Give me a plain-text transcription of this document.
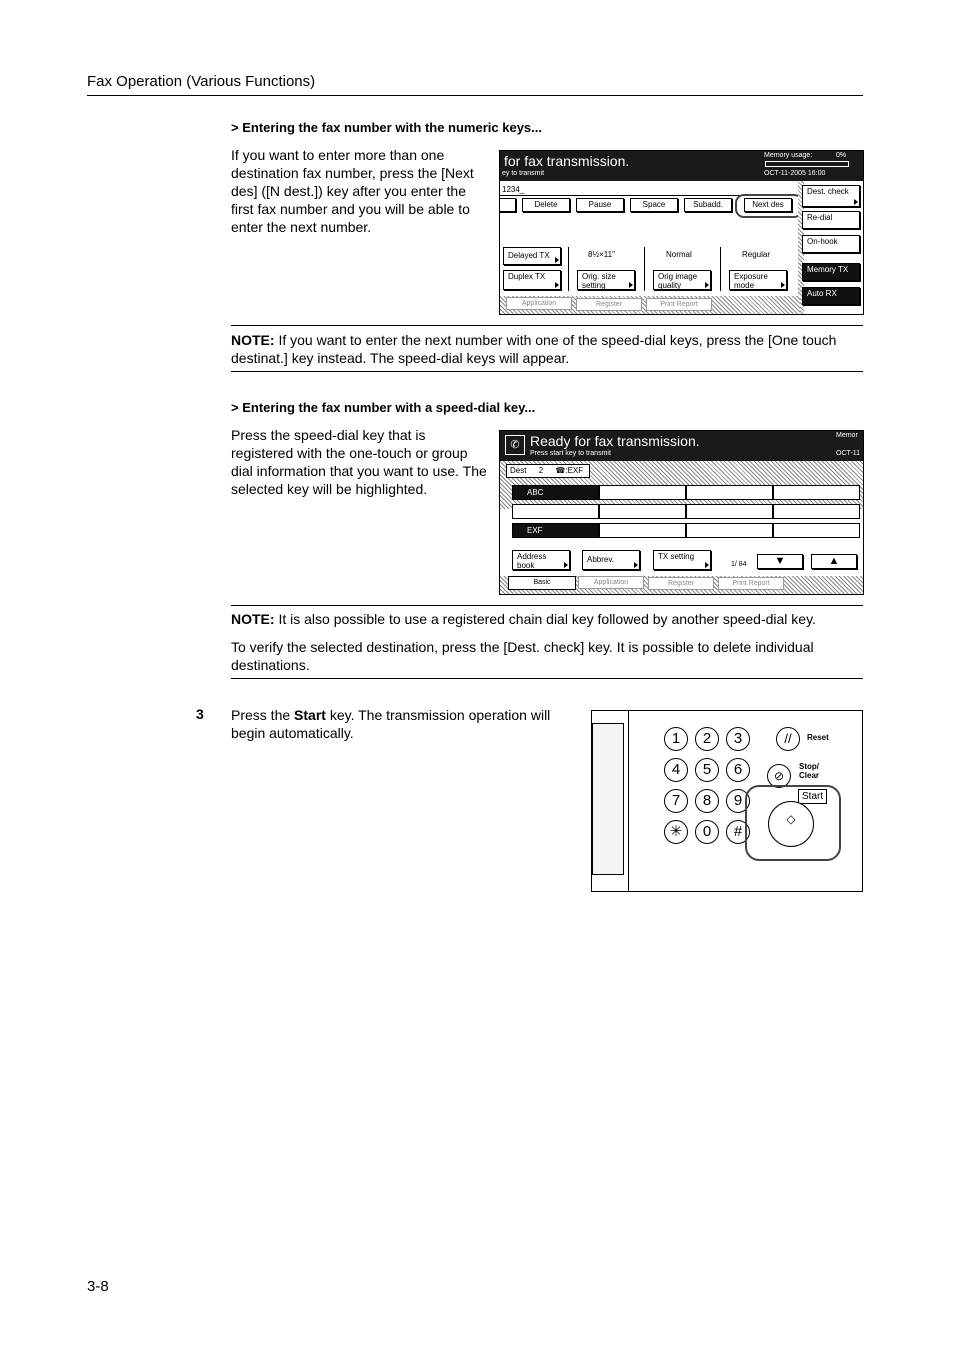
Fax Operation (Various Functions)
> Entering the fax number with the numeric keys...
If you want to enter more than one destination fax number, press the [Next des] ([N dest.]) key after you enter the first fax number and you will be able to enter the next number.
for fax transmission.
ey to transmit
Memory usage:	0%
OCT-11-2005 16:00
1234_
Delete	Pause	Space	Subadd.	Next des
Dest. check
Re-dial
On-hook
Memory TX
Auto RX
Delayed TX	8½×11"	Normal	Regular
Duplex TX	Orig. size setting
Orig image quality
Exposure mode
Application	Register	Print Report
NOTE: If you want to enter the next number with one of the speed-dial keys, press the [One touch destinat.] key instead. The speed-dial keys will appear.
> Entering the fax number with a speed-dial key...
Press the speed-dial key that is registered with the one-touch or group dial information that you want to use. The selected key will be highlighted.
✆ Ready for fax transmission.
Press start key to transmit
Memor
OCT-11
Dest 2 ☎:EXF
ABC
EXF
Address book
Abbrev.	TX setting
1/ 84	▼	▲
Basic	Application	Register	Print Report
NOTE: It is also possible to use a registered chain dial key followed by another speed-dial key.
To verify the selected destination, press the [Dest. check] key. It is possible to delete individual destinations.
3 Press the Start key. The transmission operation will begin automatically.	1	2	3
4	5	6
7	8	9
✳	0	#
//	Reset
⊘
Stop/ Clear
Start
◇
3-8
